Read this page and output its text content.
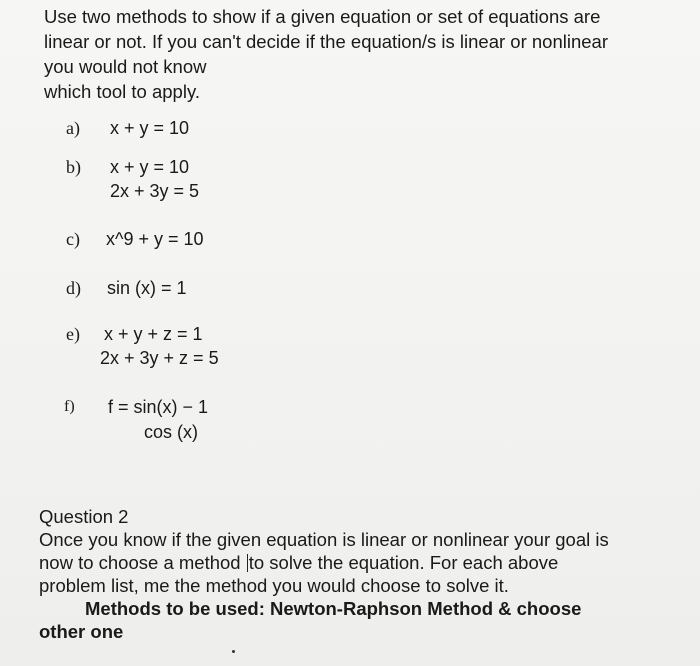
Use two methods to show if a given equation or set of equations are
linear or not. If you can't decide if the equation/s is linear or nonlinear
you would not know
which tool to apply.
a) x + y = 10
b) x + y = 10
2x + 3y = 5
c) x^9 + y = 10
d) sin (x) = 1
e) x + y + z = 1
2x + 3y + z = 5
f) f = sin(x) − 1
cos (x)
Question 2
Once you know if the given equation is linear or nonlinear your goal is
now to choose a method to solve the equation. For each above
problem list, me the method you would choose to solve it.
Methods to be used: Newton-Raphson Method & choose
other one
